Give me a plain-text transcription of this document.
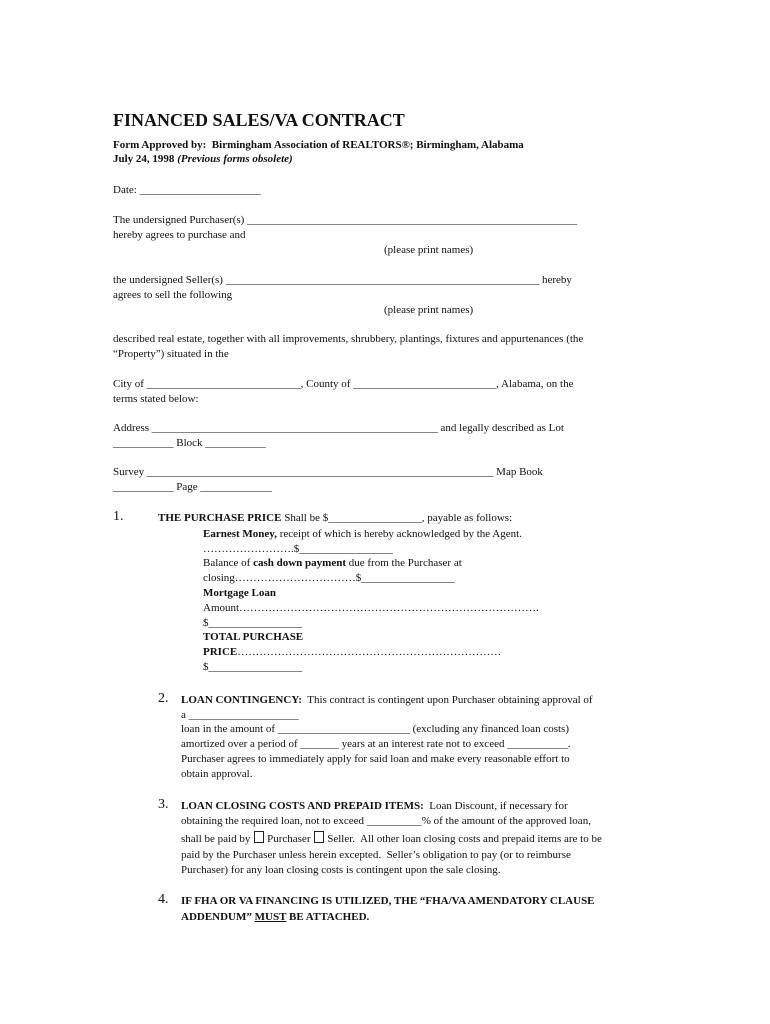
FINANCED SALES/VA CONTRACT
Form Approved by:  Birmingham Association of REALTORS®; Birmingham, Alabama
July 24, 1998 (Previous forms obsolete)
Date: ______________________
The undersigned Purchaser(s) ____________________________________________________________
hereby agrees to purchase and
(please print names)
the undersigned Seller(s) _________________________________________________________ hereby
agrees to sell the following
(please print names)
described real estate, together with all improvements, shrubbery, plantings, fixtures and appurtenances (the
“Property”) situated in the
City of ____________________________, County of __________________________, Alabama, on the
terms stated below:
Address ____________________________________________________ and legally described as Lot
___________ Block ___________
Survey _______________________________________________________________ Map Book
___________ Page _____________
1.	THE PURCHASE PRICE Shall be $_________________, payable as follows:
Earnest Money, receipt of which is hereby acknowledged by the Agent.
…………………….$_________________
Balance of cash down payment due from the Purchaser at
closing……………………………$_________________
Mortgage Loan
Amount……………………………………………………………………….
$_________________
TOTAL PURCHASE
PRICE………………………………………………………………
$_________________
2. LOAN CONTINGENCY:  This contract is contingent upon Purchaser obtaining approval of
a ____________________
loan in the amount of ________________________ (excluding any financed loan costs)
amortized over a period of _______ years at an interest rate not to exceed ___________.
Purchaser agrees to immediately apply for said loan and make every reasonable effort to
obtain approval.
3. LOAN CLOSING COSTS AND PREPAID ITEMS:  Loan Discount, if necessary for
obtaining the required loan, not to exceed __________% of the amount of the approved loan,
shall be paid by Purchaser Seller.  All other loan closing costs and prepaid items are to be
paid by the Purchaser unless herein excepted.  Seller’s obligation to pay (or to reimburse
Purchaser) for any loan closing costs is contingent upon the sale closing.
4. IF FHA OR VA FINANCING IS UTILIZED, THE “FHA/VA AMENDATORY CLAUSE
ADDENDUM” MUST BE ATTACHED.
